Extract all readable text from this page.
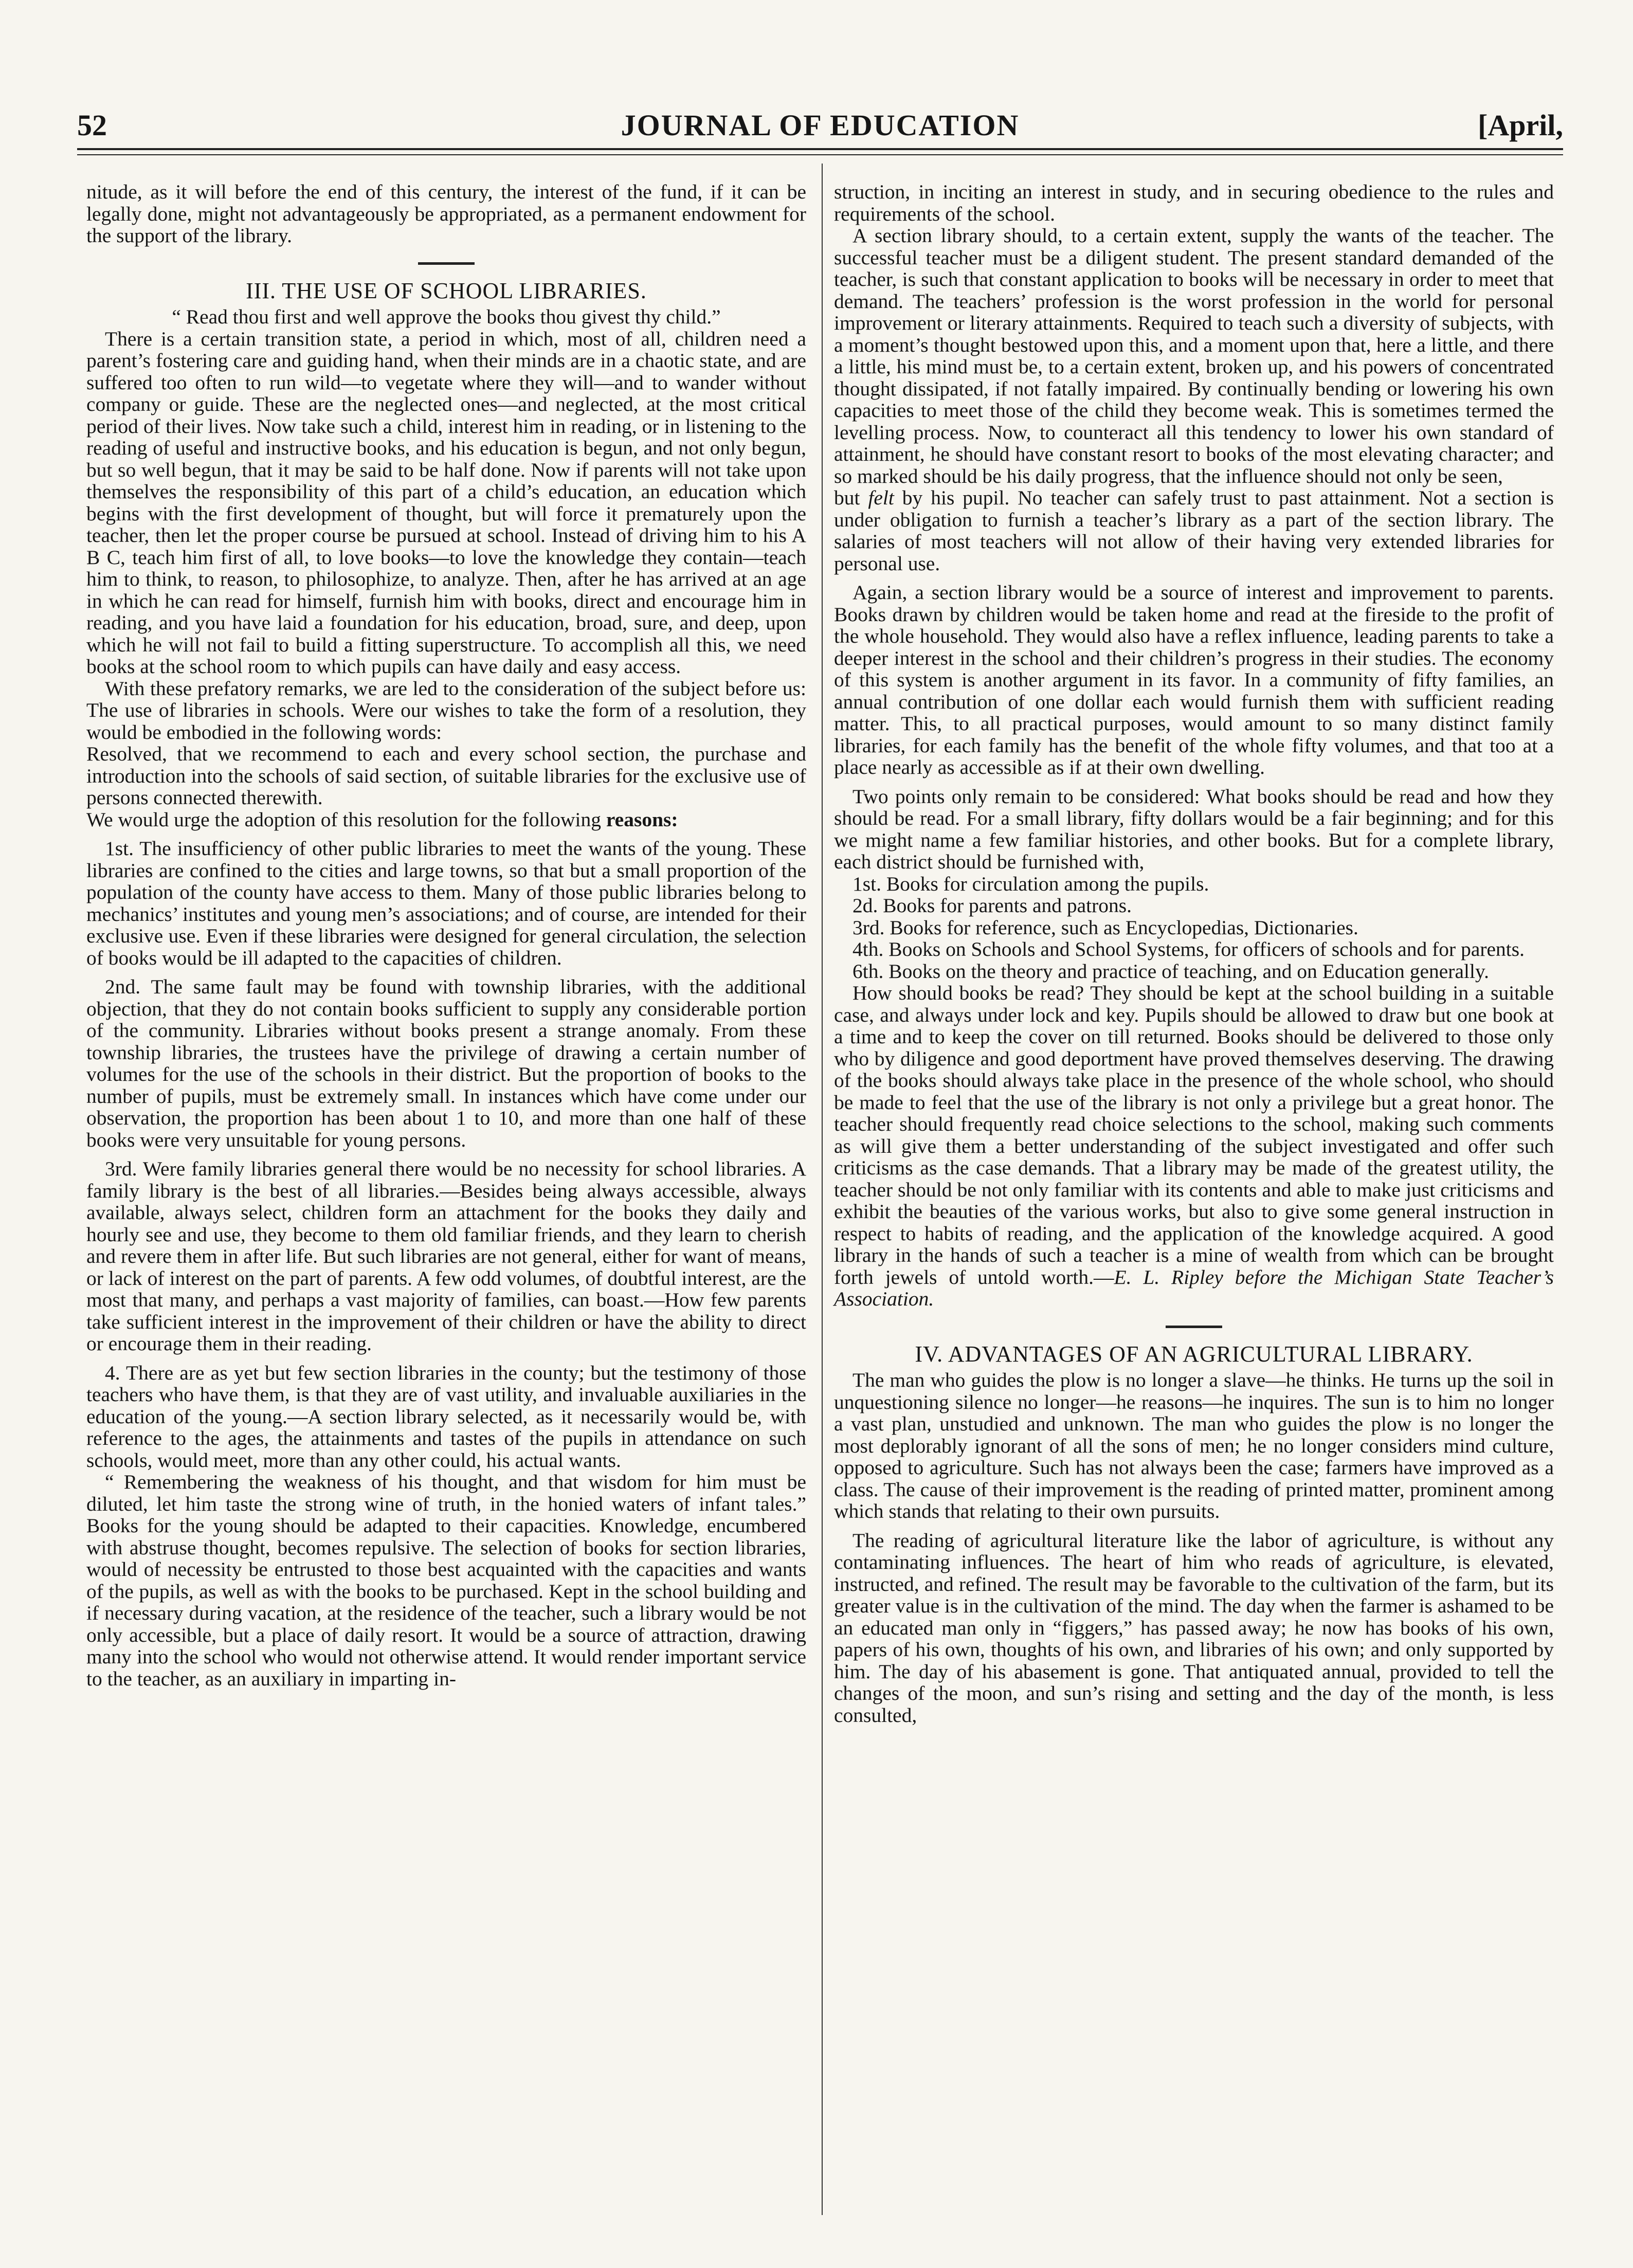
JOURNAL OF EDUCATION
52	[April,

nitude, as it will before the end of this century, the interest of the fund, if it can be legally done, might not advantageously be appropriated, as a permanent endowment for the support of the library.

III. THE USE OF SCHOOL LIBRARIES.

“ Read thou first and well approve the books thou givest thy child.”

There is a certain transition state, a period in which, most of all, children need a parent’s fostering care and guiding hand, when their minds are in a chaotic state, and are suffered too often to run wild—to vegetate where they will—and to wander without company or guide. These are the neglected ones—and neglected, at the most critical period of their lives. Now take such a child, interest him in reading, or in listening to the reading of useful and instructive books, and his education is begun, and not only begun, but so well begun, that it may be said to be half done. Now if parents will not take upon themselves the responsibility of this part of a child’s education, an education which begins with the first development of thought, but will force it prematurely upon the teacher, then let the proper course be pursued at school. Instead of driving him to his A B C, teach him first of all, to love books—to love the knowledge they contain—teach him to think, to reason, to philosophize, to analyze. Then, after he has arrived at an age in which he can read for himself, furnish him with books, direct and encourage him in reading, and you have laid a foundation for his education, broad, sure, and deep, upon which he will not fail to build a fitting superstructure. To accomplish all this, we need books at the school room to which pupils can have daily and easy access.

With these prefatory remarks, we are led to the consideration of the subject before us: The use of libraries in schools. Were our wishes to take the form of a resolution, they would be embodied in the following words:

Resolved, that we recommend to each and every school section, the purchase and introduction into the schools of said section, of suitable libraries for the exclusive use of persons connected therewith.

We would urge the adoption of this resolution for the following reasons:

1st. The insufficiency of other public libraries to meet the wants of the young. These libraries are confined to the cities and large towns, so that but a small proportion of the population of the county have access to them. Many of those public libraries belong to mechanics’ institutes and young men’s associations; and of course, are intended for their exclusive use. Even if these libraries were designed for general circulation, the selection of books would be ill adapted to the capacities of children.

2nd. The same fault may be found with township libraries, with the additional objection, that they do not contain books sufficient to supply any considerable portion of the community. Libraries without books present a strange anomaly. From these township libraries, the trustees have the privilege of drawing a certain number of volumes for the use of the schools in their district. But the proportion of books to the number of pupils, must be extremely small. In instances which have come under our observation, the proportion has been about 1 to 10, and more than one half of these books were very unsuitable for young persons.

3rd. Were family libraries general there would be no necessity for school libraries. A family library is the best of all libraries.—Besides being always accessible, always available, always select, children form an attachment for the books they daily and hourly see and use, they become to them old familiar friends, and they learn to cherish and revere them in after life. But such libraries are not general, either for want of means, or lack of interest on the part of parents. A few odd volumes, of doubtful interest, are the most that many, and perhaps a vast majority of families, can boast.—How few parents take sufficient interest in the improvement of their children or have the ability to direct or encourage them in their reading.

4. There are as yet but few section libraries in the county; but the testimony of those teachers who have them, is that they are of vast utility, and invaluable auxiliaries in the education of the young.—A section library selected, as it necessarily would be, with reference to the ages, the attainments and tastes of the pupils in attendance on such schools, would meet, more than any other could, his actual wants.

“ Remembering the weakness of his thought, and that wisdom for him must be diluted, let him taste the strong wine of truth, in the honied waters of infant tales.” Books for the young should be adapted to their capacities. Knowledge, encumbered with abstruse thought, becomes repulsive. The selection of books for section libraries, would of necessity be entrusted to those best acquainted with the capacities and wants of the pupils, as well as with the books to be purchased. Kept in the school building and if necessary during vacation, at the residence of the teacher, such a library would be not only accessible, but a place of daily resort. It would be a source of attraction, drawing many into the school who would not otherwise attend. It would render important service to the teacher, as an auxiliary in imparting in-

struction, in inciting an interest in study, and in securing obedience to the rules and requirements of the school.

A section library should, to a certain extent, supply the wants of the teacher. The successful teacher must be a diligent student. The present standard demanded of the teacher, is such that constant application to books will be necessary in order to meet that demand. The teachers’ profession is the worst profession in the world for personal improvement or literary attainments. Required to teach such a diversity of subjects, with a moment’s thought bestowed upon this, and a moment upon that, here a little, and there a little, his mind must be, to a certain extent, broken up, and his powers of concentrated thought dissipated, if not fatally impaired. By continually bending or lowering his own capacities to meet those of the child they become weak. This is sometimes termed the levelling process. Now, to counteract all this tendency to lower his own standard of attainment, he should have constant resort to books of the most elevating character; and so marked should be his daily progress, that the influence should not only be seen,

but felt by his pupil. No teacher can safely trust to past attainment. Not a section is under obligation to furnish a teacher’s library as a part of the section library. The salaries of most teachers will not allow of their having very extended libraries for personal use.

Again, a section library would be a source of interest and improvement to parents. Books drawn by children would be taken home and read at the fireside to the profit of the whole household. They would also have a reflex influence, leading parents to take a deeper interest in the school and their children’s progress in their studies. The economy of this system is another argument in its favor. In a community of fifty families, an annual contribution of one dollar each would furnish them with sufficient reading matter. This, to all practical purposes, would amount to so many distinct family libraries, for each family has the benefit of the whole fifty volumes, and that too at a place nearly as accessible as if at their own dwelling.

Two points only remain to be considered: What books should be read and how they should be read. For a small library, fifty dollars would be a fair beginning; and for this we might name a few familiar histories, and other books. But for a complete library, each district should be furnished with,

1st. Books for circulation among the pupils.

2d. Books for parents and patrons.

3rd. Books for reference, such as Encyclopedias, Dictionaries.

4th. Books on Schools and School Systems, for officers of schools and for parents.

6th. Books on the theory and practice of teaching, and on Education generally.

How should books be read? They should be kept at the school building in a suitable case, and always under lock and key. Pupils should be allowed to draw but one book at a time and to keep the cover on till returned. Books should be delivered to those only who by diligence and good deportment have proved themselves deserving. The drawing of the books should always take place in the presence of the whole school, who should be made to feel that the use of the library is not only a privilege but a great honor. The teacher should frequently read choice selections to the school, making such comments as will give them a better understanding of the subject investigated and offer such criticisms as the case demands. That a library may be made of the greatest utility, the teacher should be not only familiar with its contents and able to make just criticisms and exhibit the beauties of the various works, but also to give some general instruction in respect to habits of reading, and the application of the knowledge acquired. A good library in the hands of such a teacher is a mine of wealth from which can be brought forth jewels of untold worth.—E. L. Ripley before the Michigan State Teacher’s Association.

IV. ADVANTAGES OF AN AGRICULTURAL LIBRARY.

The man who guides the plow is no longer a slave—he thinks. He turns up the soil in unquestioning silence no longer—he reasons—he inquires. The sun is to him no longer a vast plan, unstudied and unknown. The man who guides the plow is no longer the most deplorably ignorant of all the sons of men; he no longer considers mind culture, opposed to agriculture. Such has not always been the case; farmers have improved as a class. The cause of their improvement is the reading of printed matter, prominent among which stands that relating to their own pursuits.

The reading of agricultural literature like the labor of agriculture, is without any contaminating influences. The heart of him who reads of agriculture, is elevated, instructed, and refined. The result may be favorable to the cultivation of the farm, but its greater value is in the cultivation of the mind. The day when the farmer is ashamed to be an educated man only in “figgers,” has passed away; he now has books of his own, papers of his own, thoughts of his own, and libraries of his own; and only supported by him. The day of his abasement is gone. That antiquated annual, provided to tell the changes of the moon, and sun’s rising and setting and the day of the month, is less consulted,
